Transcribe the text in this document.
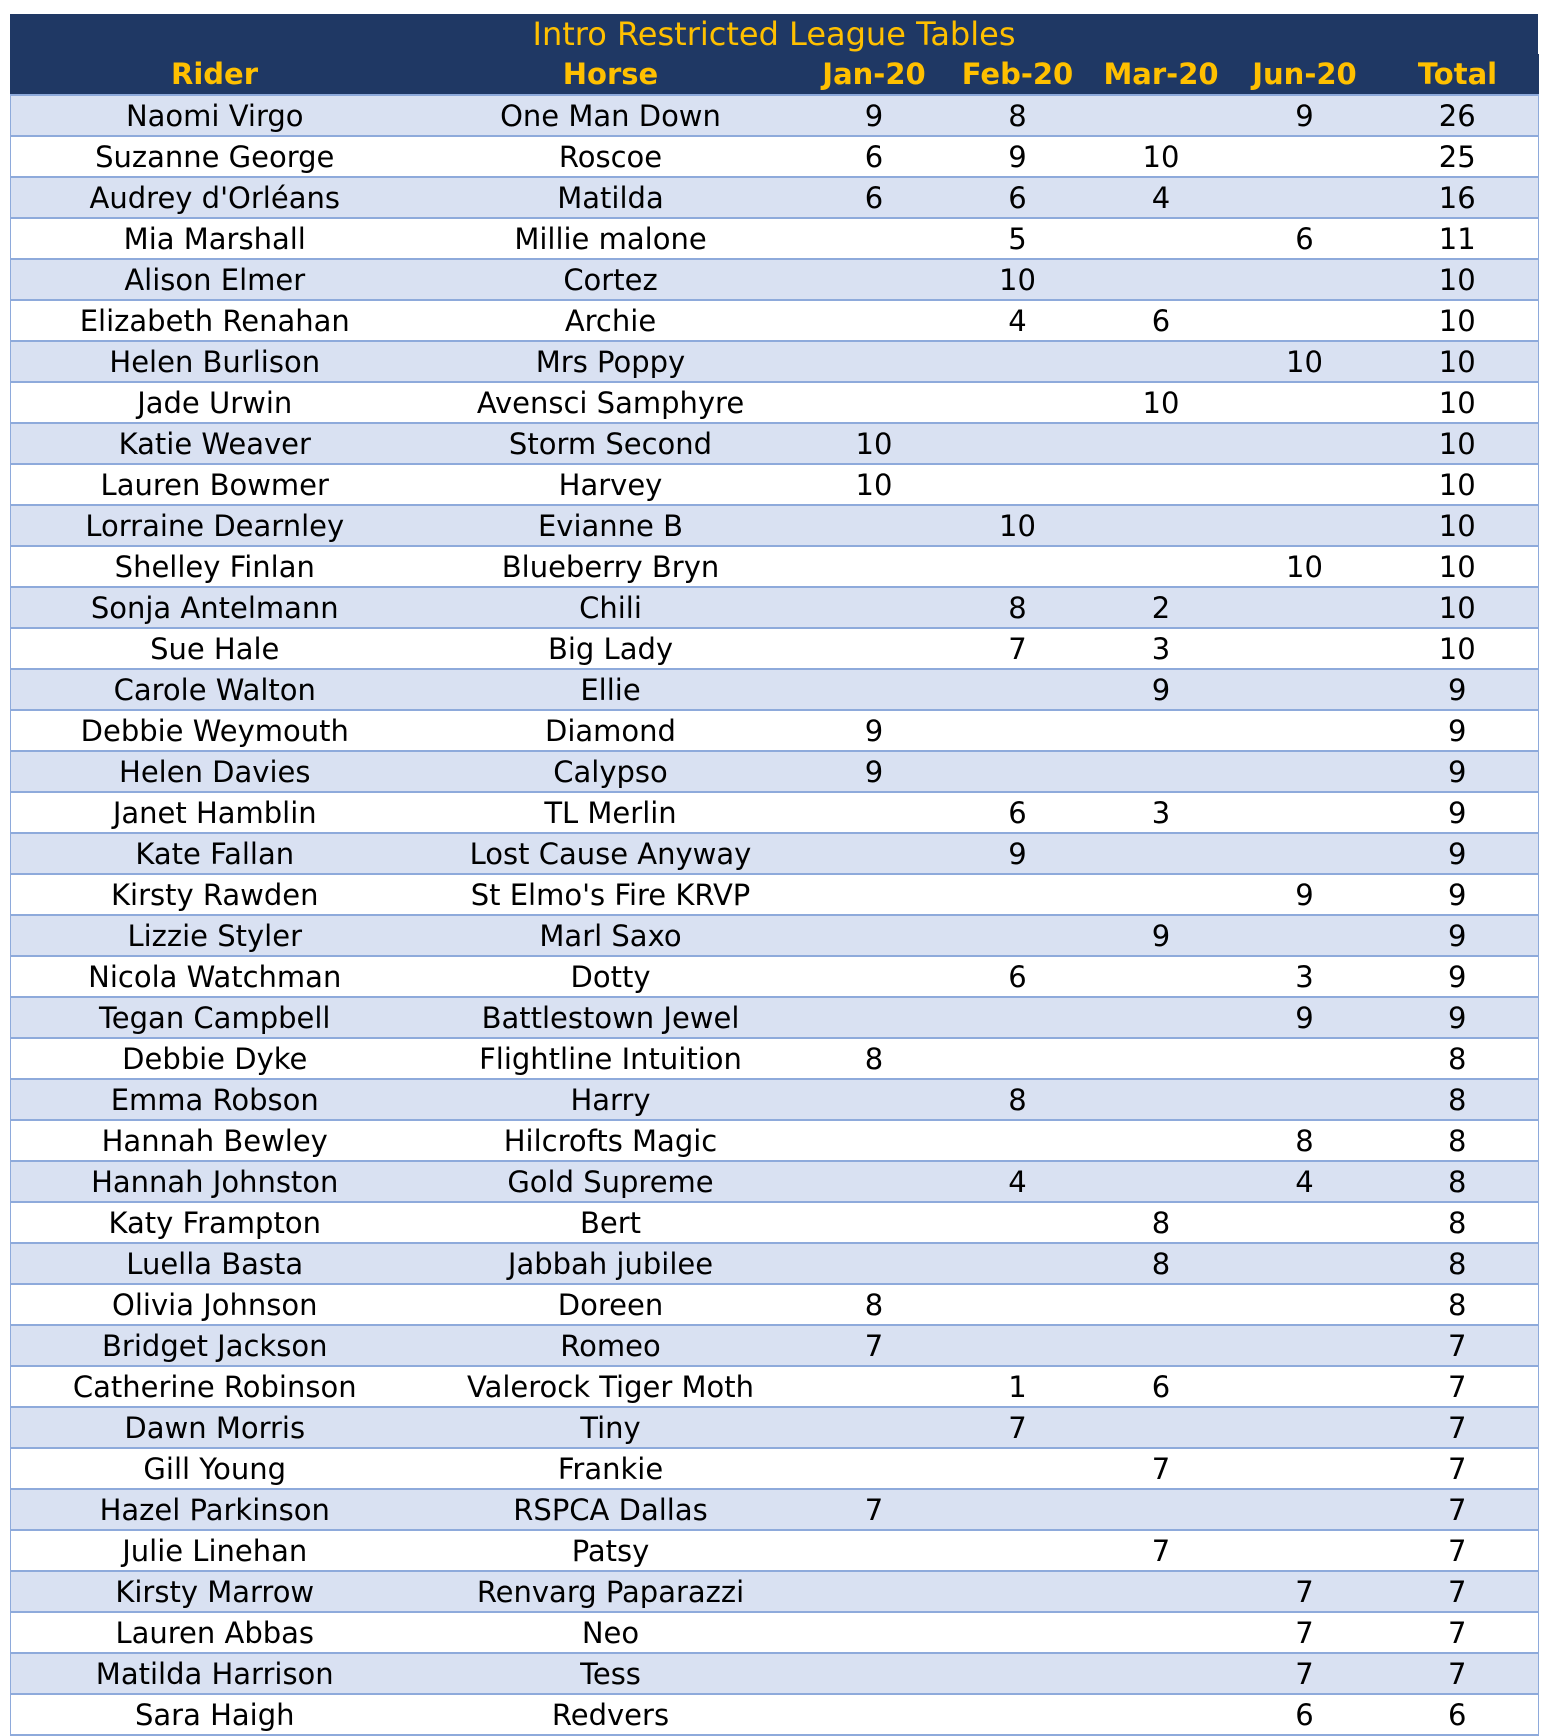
Intro Restricted League Tables
Rider	Horse	Jan-20	Feb-20	Mar-20	Jun-20	Total
Naomi Virgo	One Man Down	9	8		9	26
Suzanne George	Roscoe	6	9	10		25
Audrey d'Orléans	Matilda	6	6	4		16
Mia Marshall	Millie malone		5		6	11
Alison Elmer	Cortez		10			10
Elizabeth Renahan	Archie		4	6		10
Helen Burlison	Mrs Poppy				10	10
Jade Urwin	Avensci Samphyre			10		10
Katie Weaver	Storm Second	10				10
Lauren Bowmer	Harvey	10				10
Lorraine Dearnley	Evianne B		10			10
Shelley Finlan	Blueberry Bryn				10	10
Sonja Antelmann	Chili		8	2		10
Sue Hale	Big Lady		7	3		10
Carole Walton	Ellie			9		9
Debbie Weymouth	Diamond	9				9
Helen Davies	Calypso	9				9
Janet Hamblin	TL Merlin		6	3		9
Kate Fallan	Lost Cause Anyway		9			9
Kirsty Rawden	St Elmo's Fire KRVP				9	9
Lizzie Styler	Marl Saxo			9		9
Nicola Watchman	Dotty		6		3	9
Tegan Campbell	Battlestown Jewel				9	9
Debbie Dyke	Flightline Intuition	8				8
Emma Robson	Harry		8			8
Hannah Bewley	Hilcrofts Magic				8	8
Hannah Johnston	Gold Supreme		4		4	8
Katy Frampton	Bert			8		8
Luella Basta	Jabbah jubilee			8		8
Olivia Johnson	Doreen	8				8
Bridget Jackson	Romeo	7				7
Catherine Robinson	Valerock Tiger Moth		1	6		7
Dawn Morris	Tiny		7			7
Gill Young	Frankie			7		7
Hazel Parkinson	RSPCA Dallas	7				7
Julie Linehan	Patsy			7		7
Kirsty Marrow	Renvarg Paparazzi				7	7
Lauren Abbas	Neo				7	7
Matilda Harrison	Tess				7	7
Sara Haigh	Redvers				6	6
